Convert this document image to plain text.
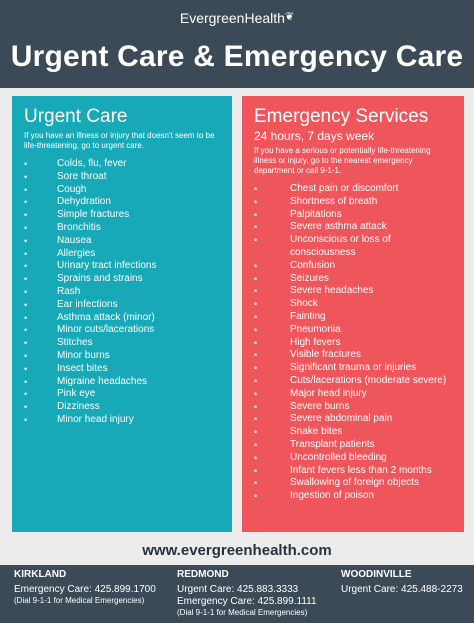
EvergreenHealth❦
Urgent Care & Emergency Care
Urgent Care
If you have an illness or injury that doesn't seem to be life-threatening, go to urgent care.
• Colds, flu, fever
• Sore throat
• Cough
• Dehydration
• Simple fractures
• Bronchitis
• Nausea
• Allergies
• Urinary tract infections
• Sprains and strains
• Rash
• Ear infections
• Asthma attack (minor)
• Minor cuts/lacerations
• Stitches
• Minor burns
• Insect bites
• Migraine headaches
• Pink eye
• Dizziness
• Minor head injury
Emergency Services
24 hours, 7 days week
If you have a serious or potentially life-threatening illness or injury, go to the nearest emergency department or call 9-1-1.
• Chest pain or discomfort
• Shortness of breath
• Palpitations
• Severe asthma attack
• Unconscious or loss of consciousness
• Confusion
• Seizures
• Severe headaches
• Shock
• Fainting
• Pneumonia
• High fevers
• Visible fractures
• Significant trauma or injuries
• Cuts/lacerations (moderate severe)
• Major head injury
• Severe burns
• Severe abdominal pain
• Snake bites
• Transplant patients
• Uncontrolled bleeding
• Infant fevers less than 2 months
• Swallowing of foreign objects
• Ingestion of poison
www.evergreenhealth.com
KIRKLAND
Emergency Care: 425.899.1700
(Dial 9-1-1 for Medical Emergencies)
REDMOND
Urgent Care: 425.883.3333
Emergency Care: 425.899.1111
(Dial 9-1-1 for Medical Emergencies)
WOODINVILLE
Urgent Care: 425.488-2273
